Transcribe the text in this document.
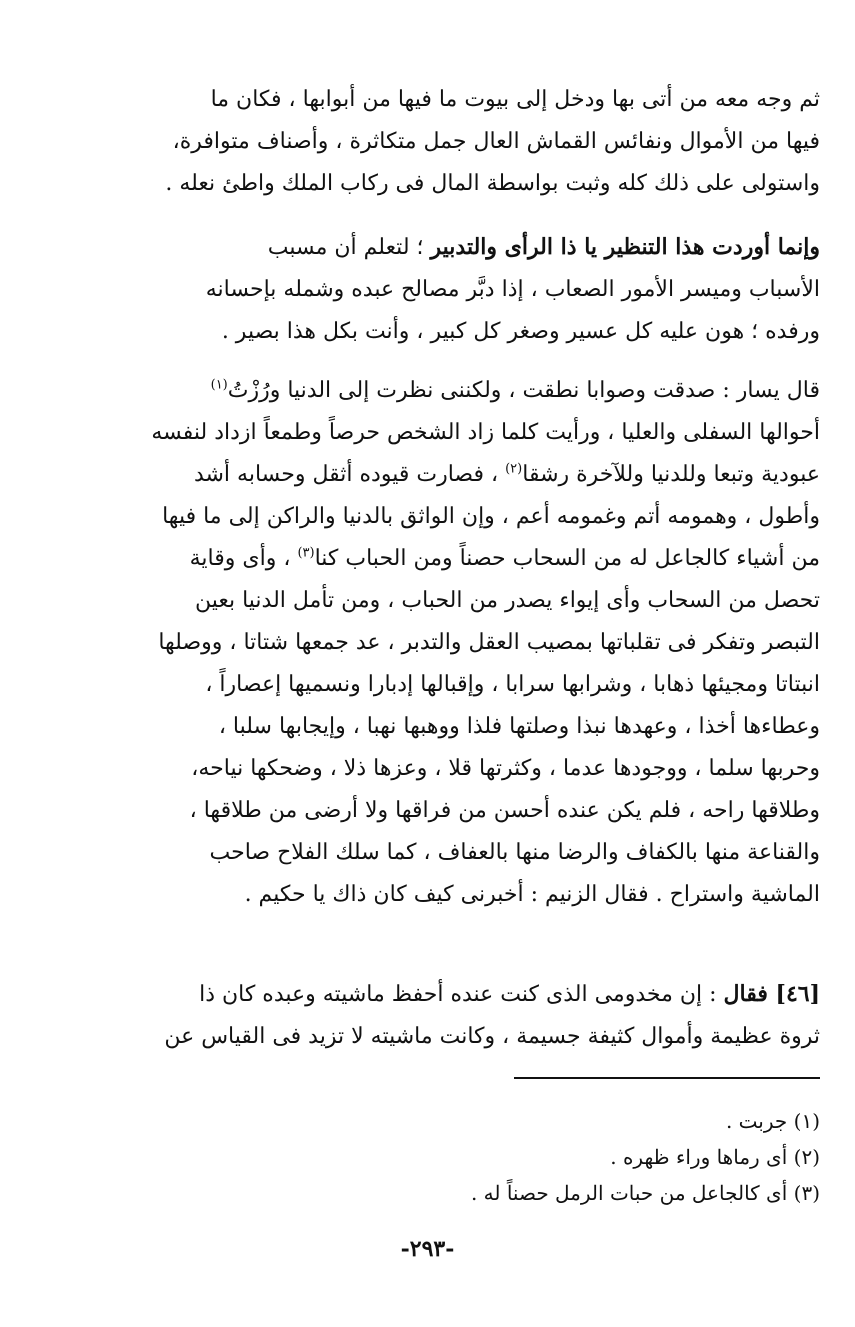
ثم وجه معه من أتى بها ودخل إلى بيوت ما فيها من أبوابها ، فكان ما

فيها من الأموال ونفائس القماش العال جمل متكاثرة ، وأصناف متوافرة،

واستولى على ذلك كله وثبت بواسطة المال فى ركاب الملك واطئ نعله .

وإنما أوردت هذا التنظير يا ذا الرأى والتدبير ؛ لتعلم أن مسبب

الأسباب وميسر الأمور الصعاب ، إذا دبَّر مصالح عبده وشمله بإحسانه

ورفده ؛ هون عليه كل عسير وصغر كل كبير ، وأنت بكل هذا بصير .

قال يسار : صدقت وصوابا نطقت ، ولكننى نظرت إلى الدنيا ورُزْتُ$^{(١)}$

أحوالها السفلى والعليا ، ورأيت كلما زاد الشخص حرصاً وطمعاً ازداد لنفسه

عبودية وتبعا وللدنيا وللآخرة رشقا$^{(٢)}$ ، فصارت قيوده أثقل وحسابه أشد

وأطول ، وهمومه أتم وغمومه أعم ، وإن الواثق بالدنيا والراكن إلى ما فيها

من أشياء كالجاعل له من السحاب حصناً ومن الحباب كنا$^{(٣)}$ ، وأى وقاية

تحصل من السحاب وأى إيواء يصدر من الحباب ، ومن تأمل الدنيا بعين

التبصر وتفكر فى تقلباتها بمصيب العقل والتدبر ، عد جمعها شتاتا ، ووصلها

انبتاتا ومجيئها ذهابا ، وشرابها سرابا ، وإقبالها إدبارا ونسميها إعصاراً ،

وعطاءها أخذا ، وعهدها نبذا وصلتها فلذا ووهبها نهبا ، وإيجابها سلبا ،

وحربها سلما ، ووجودها عدما ، وكثرتها قلا ، وعزها ذلا ، وضحكها نياحه،

وطلاقها راحه ، فلم يكن عنده أحسن من فراقها ولا أرضى من طلاقها ،

والقناعة منها بالكفاف والرضا منها بالعفاف ، كما سلك الفلاح صاحب

الماشية واستراح . فقال الزنيم : أخبرنى كيف كان ذاك يا حكيم .

[٤٦] فقال : إن مخدومى الذى كنت عنده أحفظ ماشيته وعبده كان ذا

ثروة عظيمة وأموال كثيفة جسيمة ، وكانت ماشيته لا تزيد فى القياس عن

(١) جربت .
(٢) أى رماها وراء ظهره .
(٣) أى كالجاعل من حبات الرمل حصناً له .
-٢٩٣-
